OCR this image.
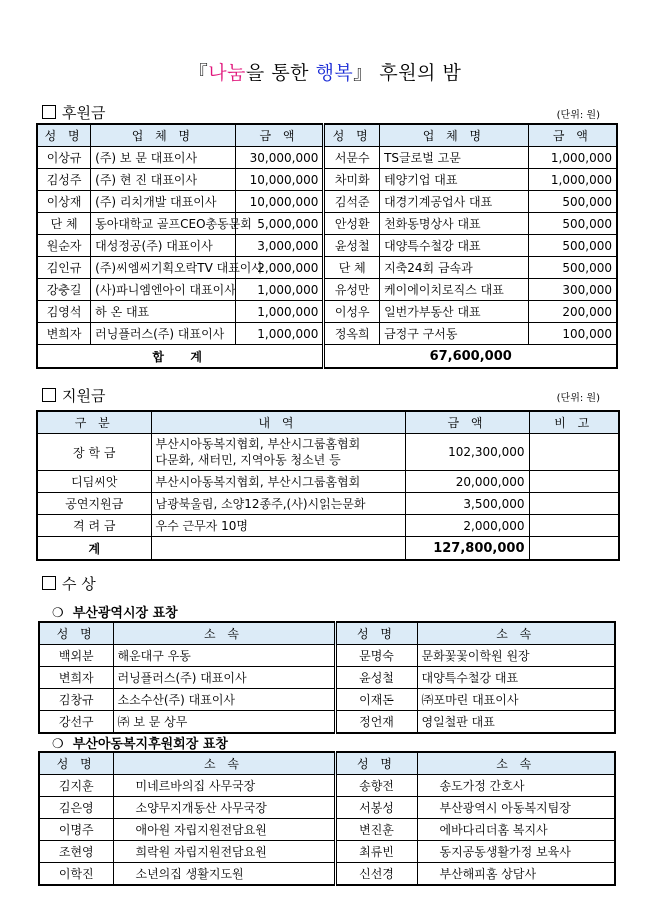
『나눔을 통한 행복』 후원의 밤
후원금	(단위: 원)
성 명	업 체 명	금 액	성 명	업 체 명	금 액
이상규	(주) 보 문 대표이사	30,000,000	서문수	TS글로벌 고문	1,000,000
김성주	(주) 현 진 대표이사	10,000,000	차미화	테양기업 대표	1,000,000
이상재	(주) 리치개발 대표이사	10,000,000	김석준	대경기계공업사 대표	500,000
단 체	동아대학교 골프CEO총동문회	5,000,000	안성환	천화동명상사 대표	500,000
원순자	대성정공(주) 대표이사	3,000,000	윤성철	대양특수철강 대표	500,000
김인규	(주)씨엠씨기획오락TV 대표이사	2,000,000	단 체	지축24회 금속과	500,000
강충길	(사)파니엠엔아이 대표이사	1,000,000	유성만	케이에이치로직스 대표	300,000
김영석	하 온 대표	1,000,000	이성우	일번가부동산 대표	200,000
변희자	러닝플러스(주) 대표이사	1,000,000	정옥희	금정구 구서동	100,000
합  계			67,600,000		
지원금	(단위: 원)
구 분	내 역	금 액	비 고
장 학 금	부산시아동복지협회, 부산시그룹홈협회
다문화, 새터민, 지역아동 청소년 등	102,300,000	
디딤씨앗	부산시아동복지협회, 부산시그룹홈협회	20,000,000	
공연지원금	남광북울림, 소양12종주,(사)시읽는문화	3,500,000	
격 려 금	우수 근무자 10명	2,000,000	
계		127,800,000	
수 상
❍  부산광역시장 표창
성 명	소 속	성 명	소 속
백외분	해운대구 우동	문명숙	문화꽃꽃이학원 원장
변희자	러닝플러스(주) 대표이사	윤성철	대양특수철강 대표
김창규	소소수산(주) 대표이사	이재돈	㈜포마린 대표이사
강선구	㈜ 보 문 상무	정언재	영일철판 대표
❍  부산아동복지후원회장 표창
성 명	소 속	성 명	소 속
김지훈	미네르바의집 사무국장	송향전	송도가정 간호사
김은영	소양무지개동산 사무국장	서봉성	부산광역시 아동복지팀장
이명주	애아원 자립지원전담요원	변진훈	에바다리더홈 복지사
조현영	희락원 자립지원전담요원	최류빈	동지공동생활가정 보육사
이학진	소년의집 생활지도원	신선경	부산해피홈 상담사
